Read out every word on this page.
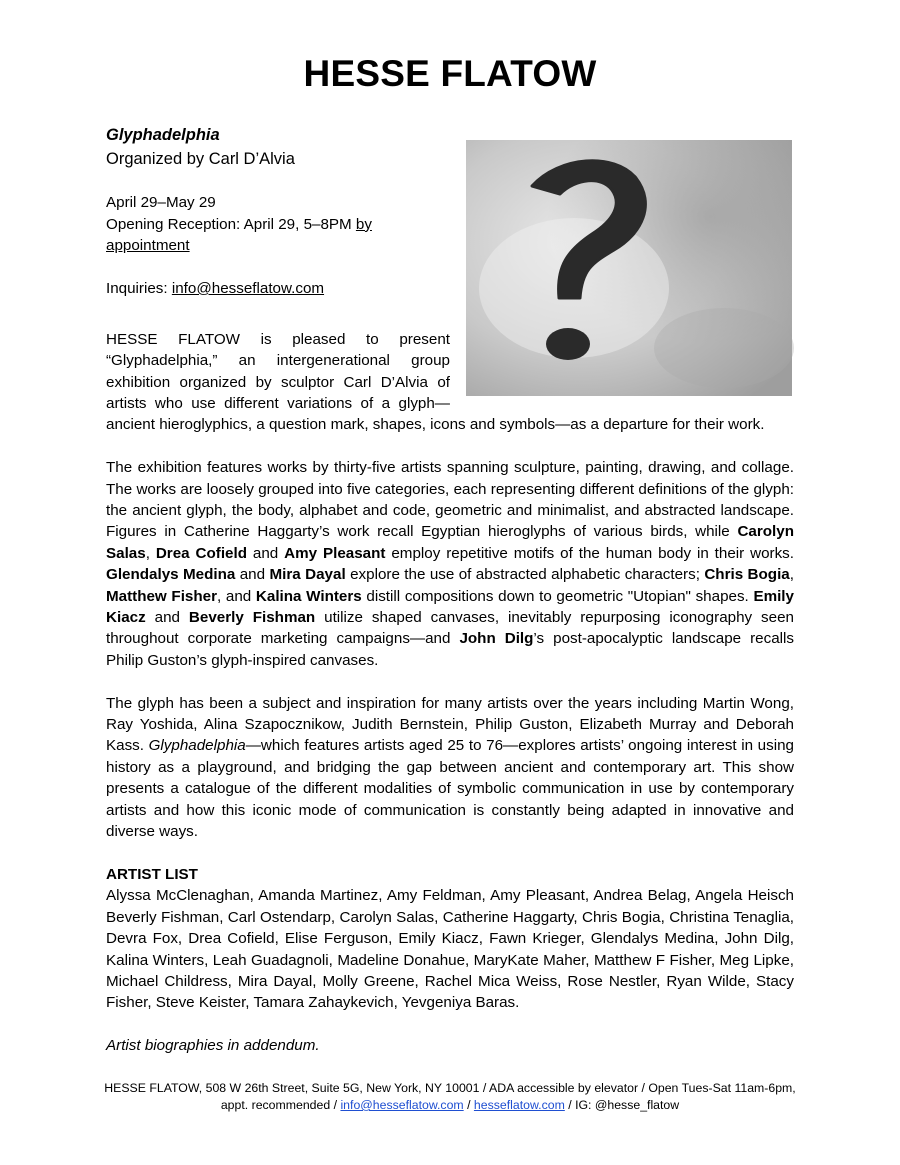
HESSE FLATOW

Glyphadelphia

Organized by Carl D’Alvia

April 29–May 29

Opening Reception: April 29, 5–8PM by appointment

Inquiries: info@hesseflatow.com

HESSE FLATOW is pleased to present “Glyphadelphia,” an intergenerational group exhibition organized by sculptor Carl D’Alvia of artists who use different variations of a glyph—ancient hieroglyphics, a question mark, shapes, icons and symbols—as a departure for their work.

The exhibition features works by thirty-five artists spanning sculpture, painting, drawing, and collage. The works are loosely grouped into five categories, each representing different definitions of the glyph: the ancient glyph, the body, alphabet and code, geometric and minimalist, and abstracted landscape. Figures in Catherine Haggarty’s work recall Egyptian hieroglyphs of various birds, while Carolyn Salas, Drea Cofield and Amy Pleasant employ repetitive motifs of the human body in their works. Glendalys Medina and Mira Dayal explore the use of abstracted alphabetic characters; Chris Bogia, Matthew Fisher, and Kalina Winters distill compositions down to geometric "Utopian" shapes. Emily Kiacz and Beverly Fishman utilize shaped canvases, inevitably repurposing iconography seen throughout corporate marketing campaigns—and John Dilg’s post-apocalyptic landscape recalls Philip Guston’s glyph-inspired canvases.

The glyph has been a subject and inspiration for many artists over the years including Martin Wong, Ray Yoshida, Alina Szapocznikow, Judith Bernstein, Philip Guston, Elizabeth Murray and Deborah Kass. Glyphadelphia—which features artists aged 25 to 76—explores artists’ ongoing interest in using history as a playground, and bridging the gap between ancient and contemporary art. This show presents a catalogue of the different modalities of symbolic communication in use by contemporary artists and how this iconic mode of communication is constantly being adapted in innovative and diverse ways.

ARTIST LIST

Alyssa McClenaghan, Amanda Martinez, Amy Feldman, Amy Pleasant, Andrea Belag, Angela Heisch Beverly Fishman, Carl Ostendarp, Carolyn Salas, Catherine Haggarty, Chris Bogia, Christina Tenaglia, Devra Fox, Drea Cofield, Elise Ferguson, Emily Kiacz, Fawn Krieger, Glendalys Medina, John Dilg, Kalina Winters, Leah Guadagnoli, Madeline Donahue, MaryKate Maher, Matthew F Fisher, Meg Lipke, Michael Childress, Mira Dayal, Molly Greene, Rachel Mica Weiss, Rose Nestler, Ryan Wilde, Stacy Fisher, Steve Keister, Tamara Zahaykevich, Yevgeniya Baras.

Artist biographies in addendum.

HESSE FLATOW, 508 W 26th Street, Suite 5G, New York, NY 10001 / ADA accessible by elevator / Open Tues-Sat 11am-6pm,
appt. recommended / info@hesseflatow.com / hesseflatow.com / IG: @hesse_flatow
